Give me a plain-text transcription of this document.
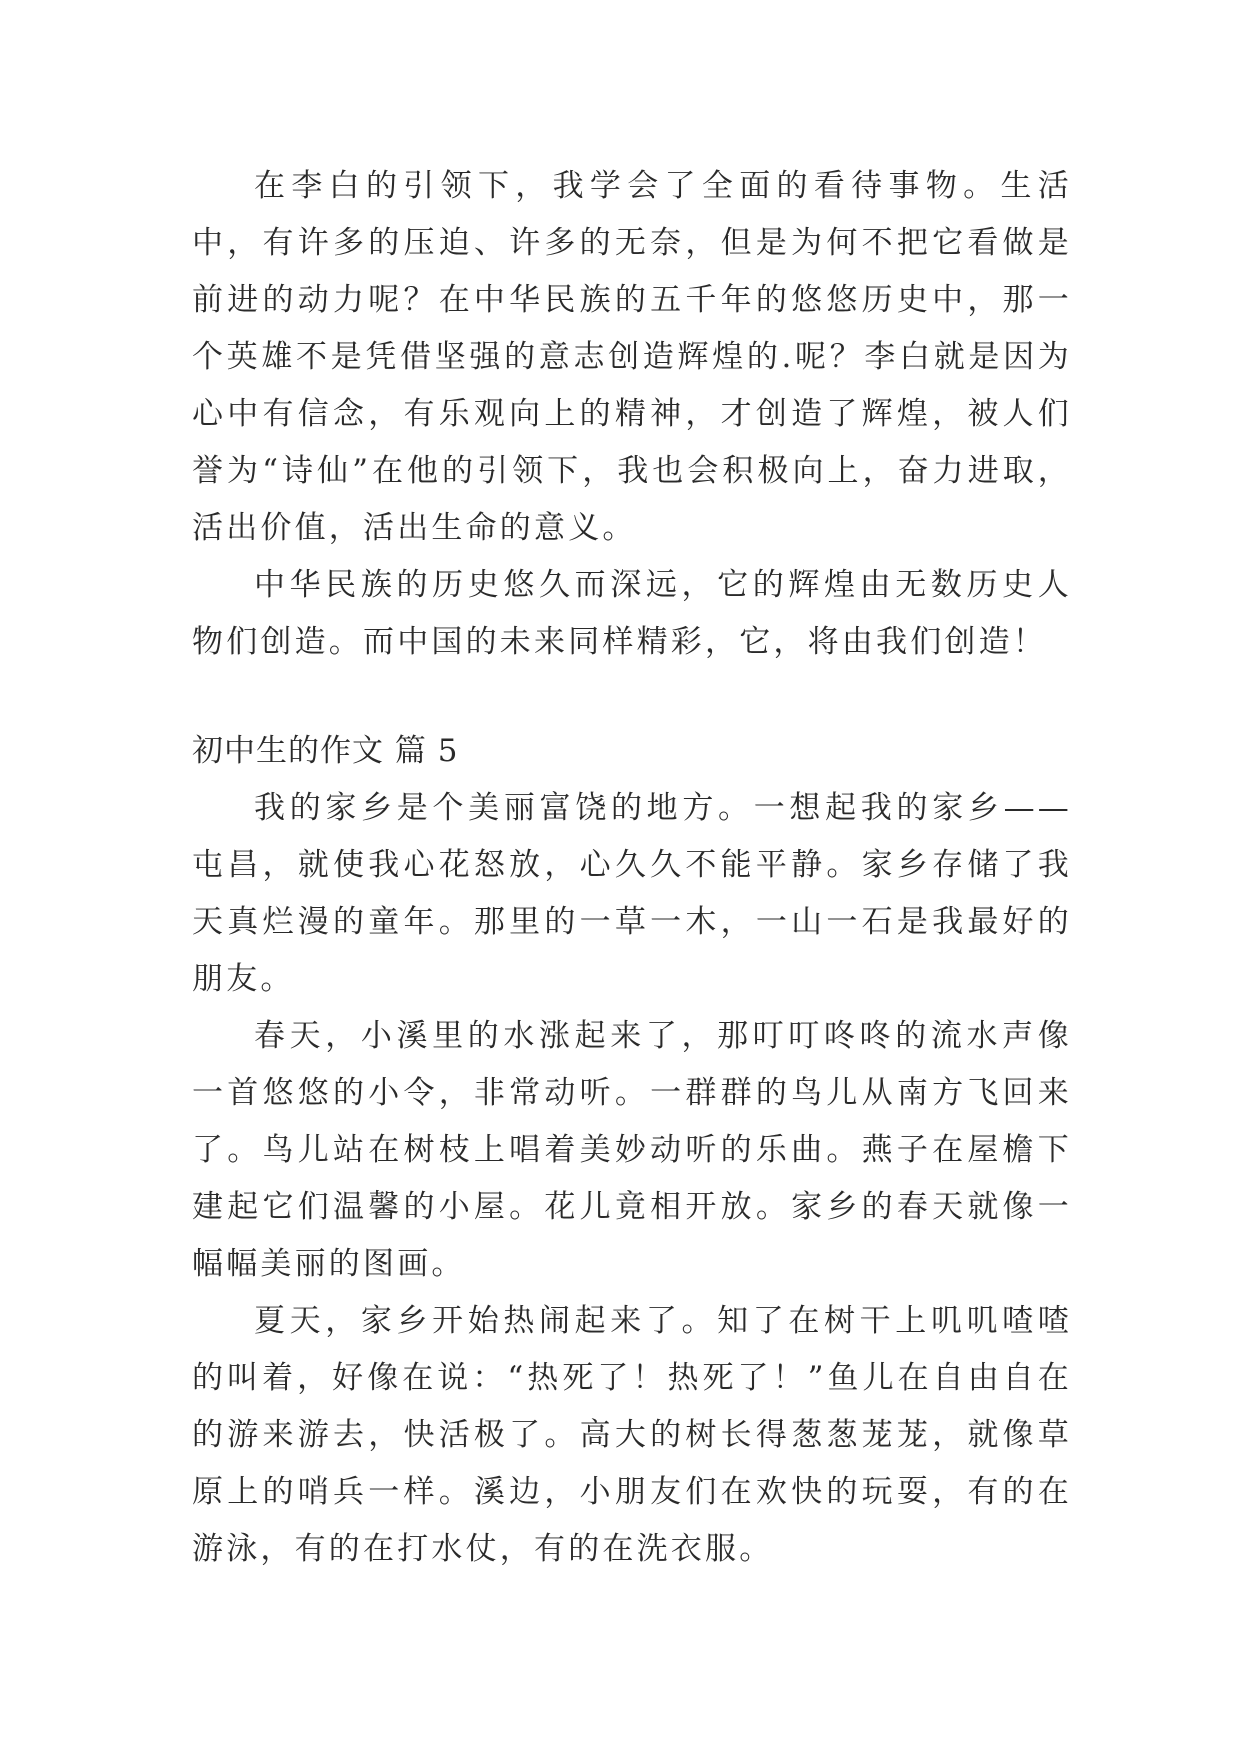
在李白的引领下，我学会了全面的看待事物。生活中，有许多的压迫、许多的无奈，但是为何不把它看做是前进的动力呢？在中华民族的五千年的悠悠历史中，那一个英雄不是凭借坚强的意志创造辉煌的.呢？李白就是因为心中有信念，有乐观向上的精神，才创造了辉煌，被人们誉为“诗仙”在他的引领下，我也会积极向上，奋力进取，活出价值，活出生命的意义。

中华民族的历史悠久而深远，它的辉煌由无数历史人物们创造。而中国的未来同样精彩，它，将由我们创造！

初中生的作文 篇 5

我的家乡是个美丽富饶的地方。一想起我的家乡——屯昌，就使我心花怒放，心久久不能平静。家乡存储了我天真烂漫的童年。那里的一草一木，一山一石是我最好的朋友。

春天，小溪里的水涨起来了，那叮叮咚咚的流水声像一首悠悠的小令，非常动听。一群群的鸟儿从南方飞回来了。鸟儿站在树枝上唱着美妙动听的乐曲。燕子在屋檐下建起它们温馨的小屋。花儿竟相开放。家乡的春天就像一幅幅美丽的图画。

夏天，家乡开始热闹起来了。知了在树干上叽叽喳喳的叫着，好像在说：“热死了！热死了！”鱼儿在自由自在的游来游去，快活极了。高大的树长得葱葱茏茏，就像草原上的哨兵一样。溪边，小朋友们在欢快的玩耍，有的在游泳，有的在打水仗，有的在洗衣服。
